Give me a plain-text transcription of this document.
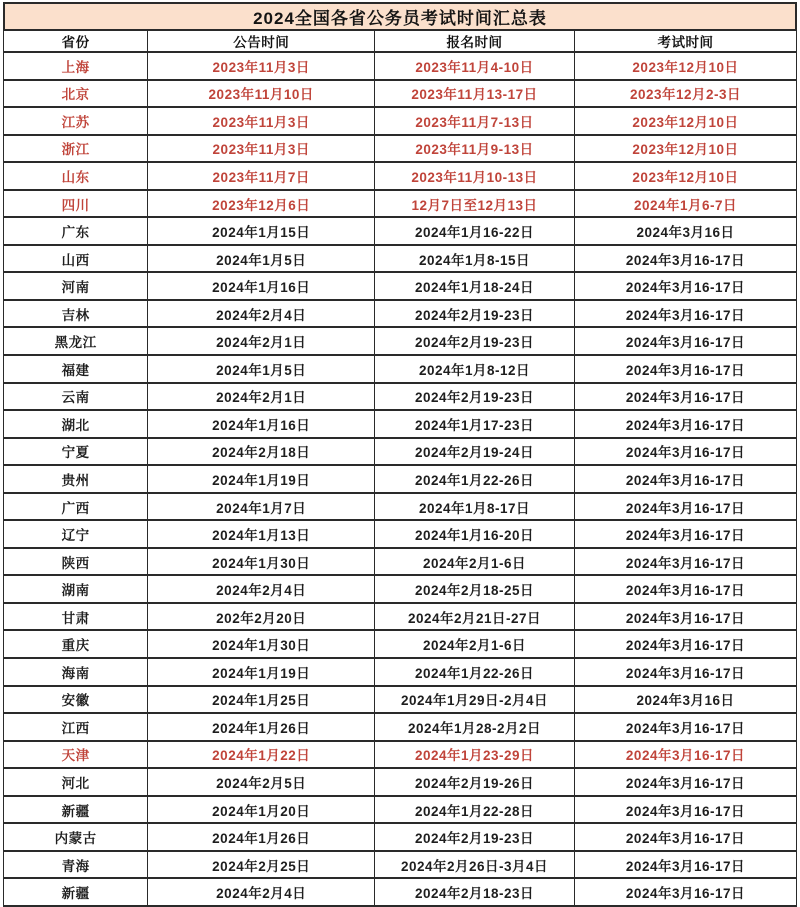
2024全国各省公务员考试时间汇总表
省份	公告时间	报名时间	考试时间
上海	2023年11月3日	2023年11月4-10日	2023年12月10日
北京	2023年11月10日	2023年11月13-17日	2023年12月2-3日
江苏	2023年11月3日	2023年11月7-13日	2023年12月10日
浙江	2023年11月3日	2023年11月9-13日	2023年12月10日
山东	2023年11月7日	2023年11月10-13日	2023年12月10日
四川	2023年12月6日	12月7日至12月13日	2024年1月6-7日
广东	2024年1月15日	2024年1月16-22日	2024年3月16日
山西	2024年1月5日	2024年1月8-15日	2024年3月16-17日
河南	2024年1月16日	2024年1月18-24日	2024年3月16-17日
吉林	2024年2月4日	2024年2月19-23日	2024年3月16-17日
黑龙江	2024年2月1日	2024年2月19-23日	2024年3月16-17日
福建	2024年1月5日	2024年1月8-12日	2024年3月16-17日
云南	2024年2月1日	2024年2月19-23日	2024年3月16-17日
湖北	2024年1月16日	2024年1月17-23日	2024年3月16-17日
宁夏	2024年2月18日	2024年2月19-24日	2024年3月16-17日
贵州	2024年1月19日	2024年1月22-26日	2024年3月16-17日
广西	2024年1月7日	2024年1月8-17日	2024年3月16-17日
辽宁	2024年1月13日	2024年1月16-20日	2024年3月16-17日
陕西	2024年1月30日	2024年2月1-6日	2024年3月16-17日
湖南	2024年2月4日	2024年2月18-25日	2024年3月16-17日
甘肃	202年2月20日	2024年2月21日-27日	2024年3月16-17日
重庆	2024年1月30日	2024年2月1-6日	2024年3月16-17日
海南	2024年1月19日	2024年1月22-26日	2024年3月16-17日
安徽	2024年1月25日	2024年1月29日-2月4日	2024年3月16日
江西	2024年1月26日	2024年1月28-2月2日	2024年3月16-17日
天津	2024年1月22日	2024年1月23-29日	2024年3月16-17日
河北	2024年2月5日	2024年2月19-26日	2024年3月16-17日
新疆	2024年1月20日	2024年1月22-28日	2024年3月16-17日
内蒙古	2024年1月26日	2024年2月19-23日	2024年3月16-17日
青海	2024年2月25日	2024年2月26日-3月4日	2024年3月16-17日
新疆	2024年2月4日	2024年2月18-23日	2024年3月16-17日
